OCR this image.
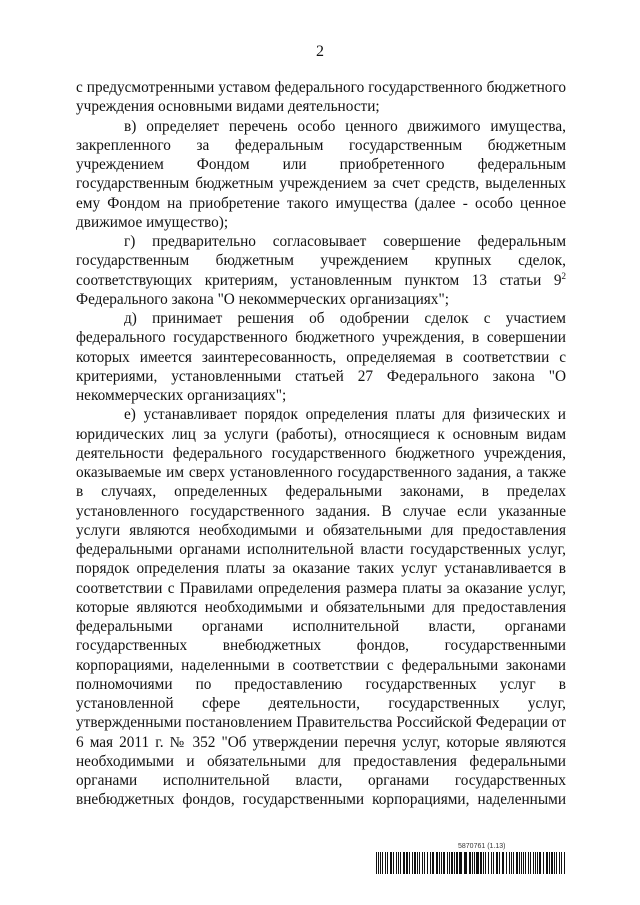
2

с предусмотренными уставом федерального государственного бюджетного учреждения основными видами деятельности;

в) определяет перечень особо ценного движимого имущества, закрепленного за федеральным государственным бюджетным учреждением Фондом или приобретенного федеральным государственным бюджетным учреждением за счет средств, выделенных ему Фондом на приобретение такого имущества (далее - особо ценное движимое имущество);

г) предварительно согласовывает совершение федеральным государственным бюджетным учреждением крупных сделок, соответствующих критериям, установленным пунктом 13 статьи $9^2$ Федерального закона "О некоммерческих организациях";

д) принимает решения об одобрении сделок с участием федерального государственного бюджетного учреждения, в совершении которых имеется заинтересованность, определяемая в соответствии с критериями, установленными статьей 27 Федерального закона "О некоммерческих организациях";

е) устанавливает порядок определения платы для физических и юридических лиц за услуги (работы), относящиеся к основным видам деятельности федерального государственного бюджетного учреждения, оказываемые им сверх установленного государственного задания, а также в случаях, определенных федеральными законами, в пределах установленного государственного задания. В случае если указанные услуги являются необходимыми и обязательными для предоставления федеральными органами исполнительной власти государственных услуг, порядок определения платы за оказание таких услуг устанавливается в соответствии с Правилами определения размера платы за оказание услуг, которые являются необходимыми и обязательными для предоставления федеральными органами исполнительной власти, органами государственных внебюджетных фондов, государственными корпорациями, наделенными в соответствии с федеральными законами полномочиями по предоставлению государственных услуг в установленной сфере деятельности, государственных услуг, утвержденными постановлением Правительства Российской Федерации от 6 мая 2011 г. № 352 "Об утверждении перечня услуг, которые являются необходимыми и обязательными для предоставления федеральными органами исполнительной власти, органами государственных внебюджетных фондов, государственными корпорациями, наделенными

5870761 (1.13)
